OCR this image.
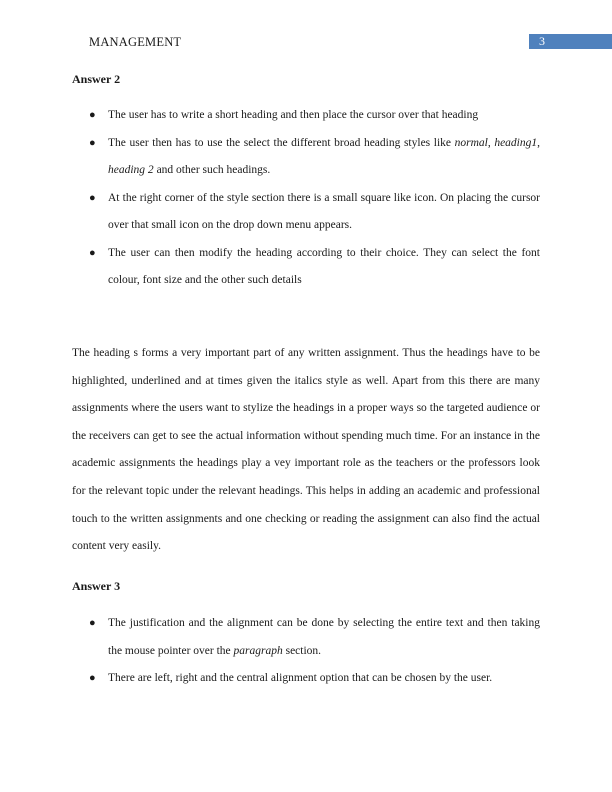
MANAGEMENT	3
Answer 2
● The user has to write a short heading and then place the cursor over that heading
● The user then has to use the select the different broad heading styles like normal, heading1, heading 2 and other such headings.
● At the right corner of the style section there is a small square like icon. On placing the cursor over that small icon on the drop down menu appears.
● The user can then modify the heading according to their choice. They can select the font colour, font size and the other such details

The heading s forms a very important part of any written assignment. Thus the headings have to be highlighted, underlined and at times given the italics style as well. Apart from this there are many assignments where the users want to stylize the headings in a proper ways so the targeted audience or the receivers can get to see the actual information without spending much time. For an instance in the academic assignments the headings play a vey important role as the teachers or the professors look for the relevant topic under the relevant headings. This helps in adding an academic and professional touch to the written assignments and one checking or reading the assignment can also find the actual content very easily.

Answer 3
● The justification and the alignment can be done by selecting the entire text and then taking the mouse pointer over the paragraph section.
● There are left, right and the central alignment option that can be chosen by the user.
